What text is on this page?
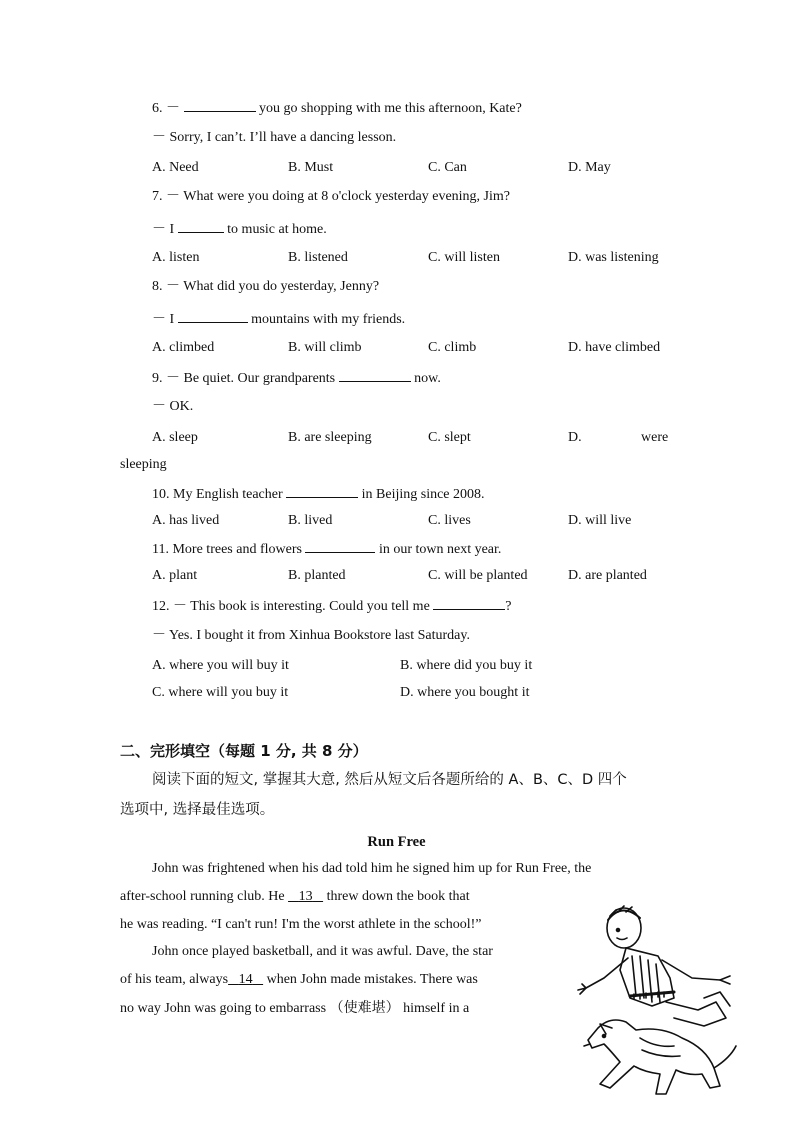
6. －	you go shopping with me this afternoon, Kate?
－ Sorry, I can’t. I’ll have a dancing lesson.
A. Need	B. Must	C. Can	D. May
7. － What were you doing at 8 o'clock yesterday evening, Jim?
－ I	to music at home.
A. listen	B. listened	C. will listen	D. was listening
8. － What did you do yesterday, Jenny?
－ I	mountains with my friends.
A. climbed	B. will climb	C. climb	D. have climbed
9. － Be quiet. Our grandparents	now.
－ OK.
A. sleep	B. are sleeping	C. slept	D.	were
sleeping
10. My English teacher	in Beijing since 2008.
A. has lived	B. lived	C. lives	D. will live
11. More trees and flowers	in our town next year.
A. plant	B. planted	C. will be planted	D. are planted
12. － This book is interesting. Could you tell me	?
－ Yes. I bought it from Xinhua Bookstore last Saturday.
A. where you will buy it	B. where did you buy it
C. where will you buy it	D. where you bought it
二、完形填空（每题 1 分, 共 8 分）
阅读下面的短文, 掌握其大意, 然后从短文后各题所给的 A、B、C、D 四个
选项中, 选择最佳选项。
Run Free
John was frightened when his dad told him he signed him up for Run Free, the
after-school running club. He 13 threw down the book that
he was reading. “I can't run! I'm the worst athlete in the school!”
John once played basketball, and it was awful. Dave, the star
of his team, always 14 when John made mistakes. There was
no way John was going to embarrass （使难堪） himself in a
